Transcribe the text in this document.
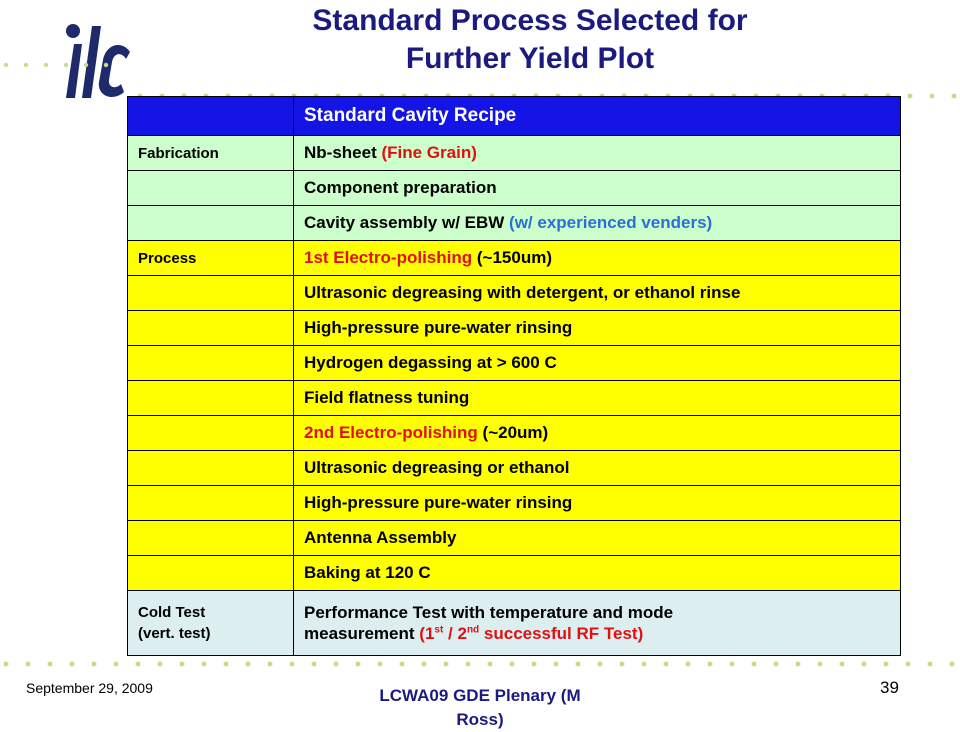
Standard Process Selected for
Further Yield Plot
	Standard Cavity Recipe
Fabrication	Nb-sheet (Fine Grain)
	Component preparation
	Cavity assembly w/ EBW (w/ experienced venders)
Process	1st Electro-polishing (~150um)
	Ultrasonic degreasing with detergent, or ethanol rinse
	High-pressure pure-water rinsing
	Hydrogen degassing at > 600 C
	Field flatness tuning
	2nd Electro-polishing (~20um)
	Ultrasonic degreasing or ethanol
	High-pressure pure-water rinsing
	Antenna Assembly
	Baking at 120 C
Cold Test
(vert. test)	Performance Test with temperature and mode
measurement (1st / 2nd successful RF Test)
September 29, 2009	LCWA09 GDE Plenary (M
Ross)
39
